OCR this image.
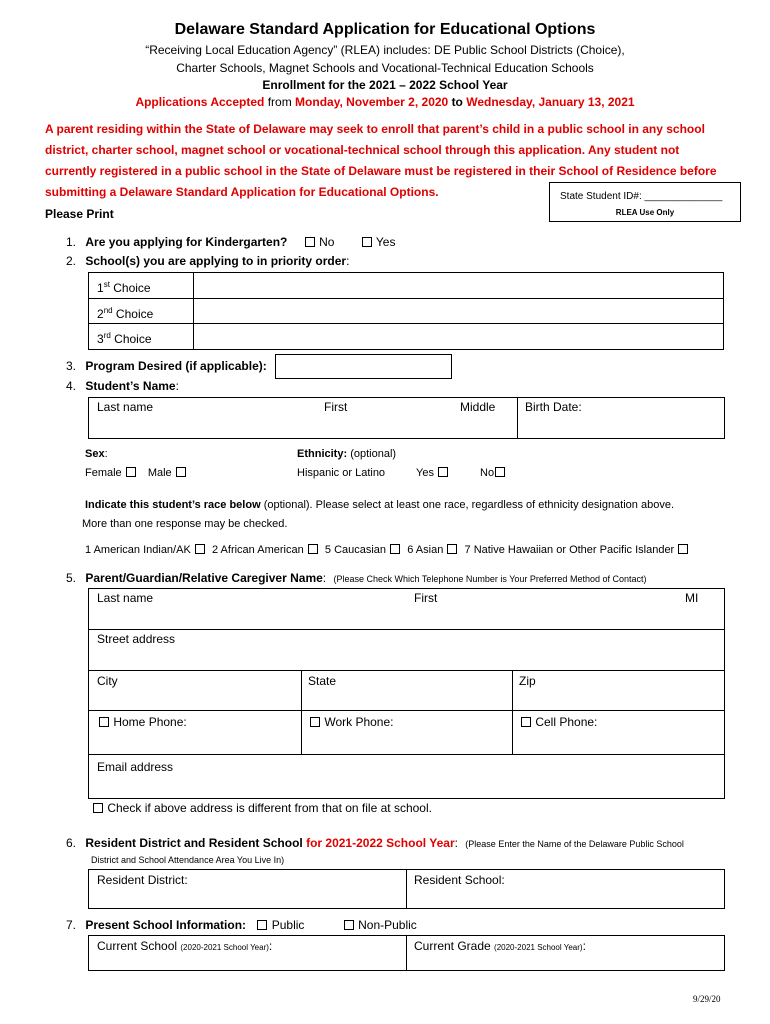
Delaware Standard Application for Educational Options
“Receiving Local Education Agency” (RLEA) includes: DE Public School Districts (Choice),
Charter Schools, Magnet Schools and Vocational-Technical Education Schools
Enrollment for the 2021 – 2022 School Year
Applications Accepted from Monday, November 2, 2020 to Wednesday, January 13, 2021
A parent residing within the State of Delaware may seek to enroll that parent’s child in a public school in any school
district, charter school, magnet school or vocational-technical school through this application. Any student not
currently registered in a public school in the State of Delaware must be registered in their School of Residence before
submitting a Delaware Standard Application for Educational Options.	State Student ID#: ______________
RLEA Use Only
Please Print
1. Are you applying for Kindergarten?	No	Yes
2. School(s) you are applying to in priority order:
1st Choice
2nd Choice
3rd Choice
3. Program Desired (if applicable):
4. Student’s Name:
Last name	First	Middle Birth Date:
Sex:
Female Male
Ethnicity: (optional)
Hispanic or Latino	Yes	No
Indicate this student’s race below (optional). Please select at least one race, regardless of ethnicity designation above.
More than one response may be checked.
1 American Indian/AK 2 African American 5 Caucasian 6 Asian 7 Native Hawaiian or Other Pacific Islander
5. Parent/Guardian/Relative Caregiver Name: (Please Check Which Telephone Number is Your Preferred Method of Contact)
Last name	First	MI
Street address
City	State	Zip
Home Phone:	Work Phone:	Cell Phone:
Email address
Check if above address is different from that on file at school.
6. Resident District and Resident School for 2021-2022 School Year: (Please Enter the Name of the Delaware Public School
District and School Attendance Area You Live In)
Resident District:	Resident School:
7. Present School Information: Public	Non-Public
Current School (2020-2021 School Year):	Current Grade (2020-2021 School Year):
9/29/20
